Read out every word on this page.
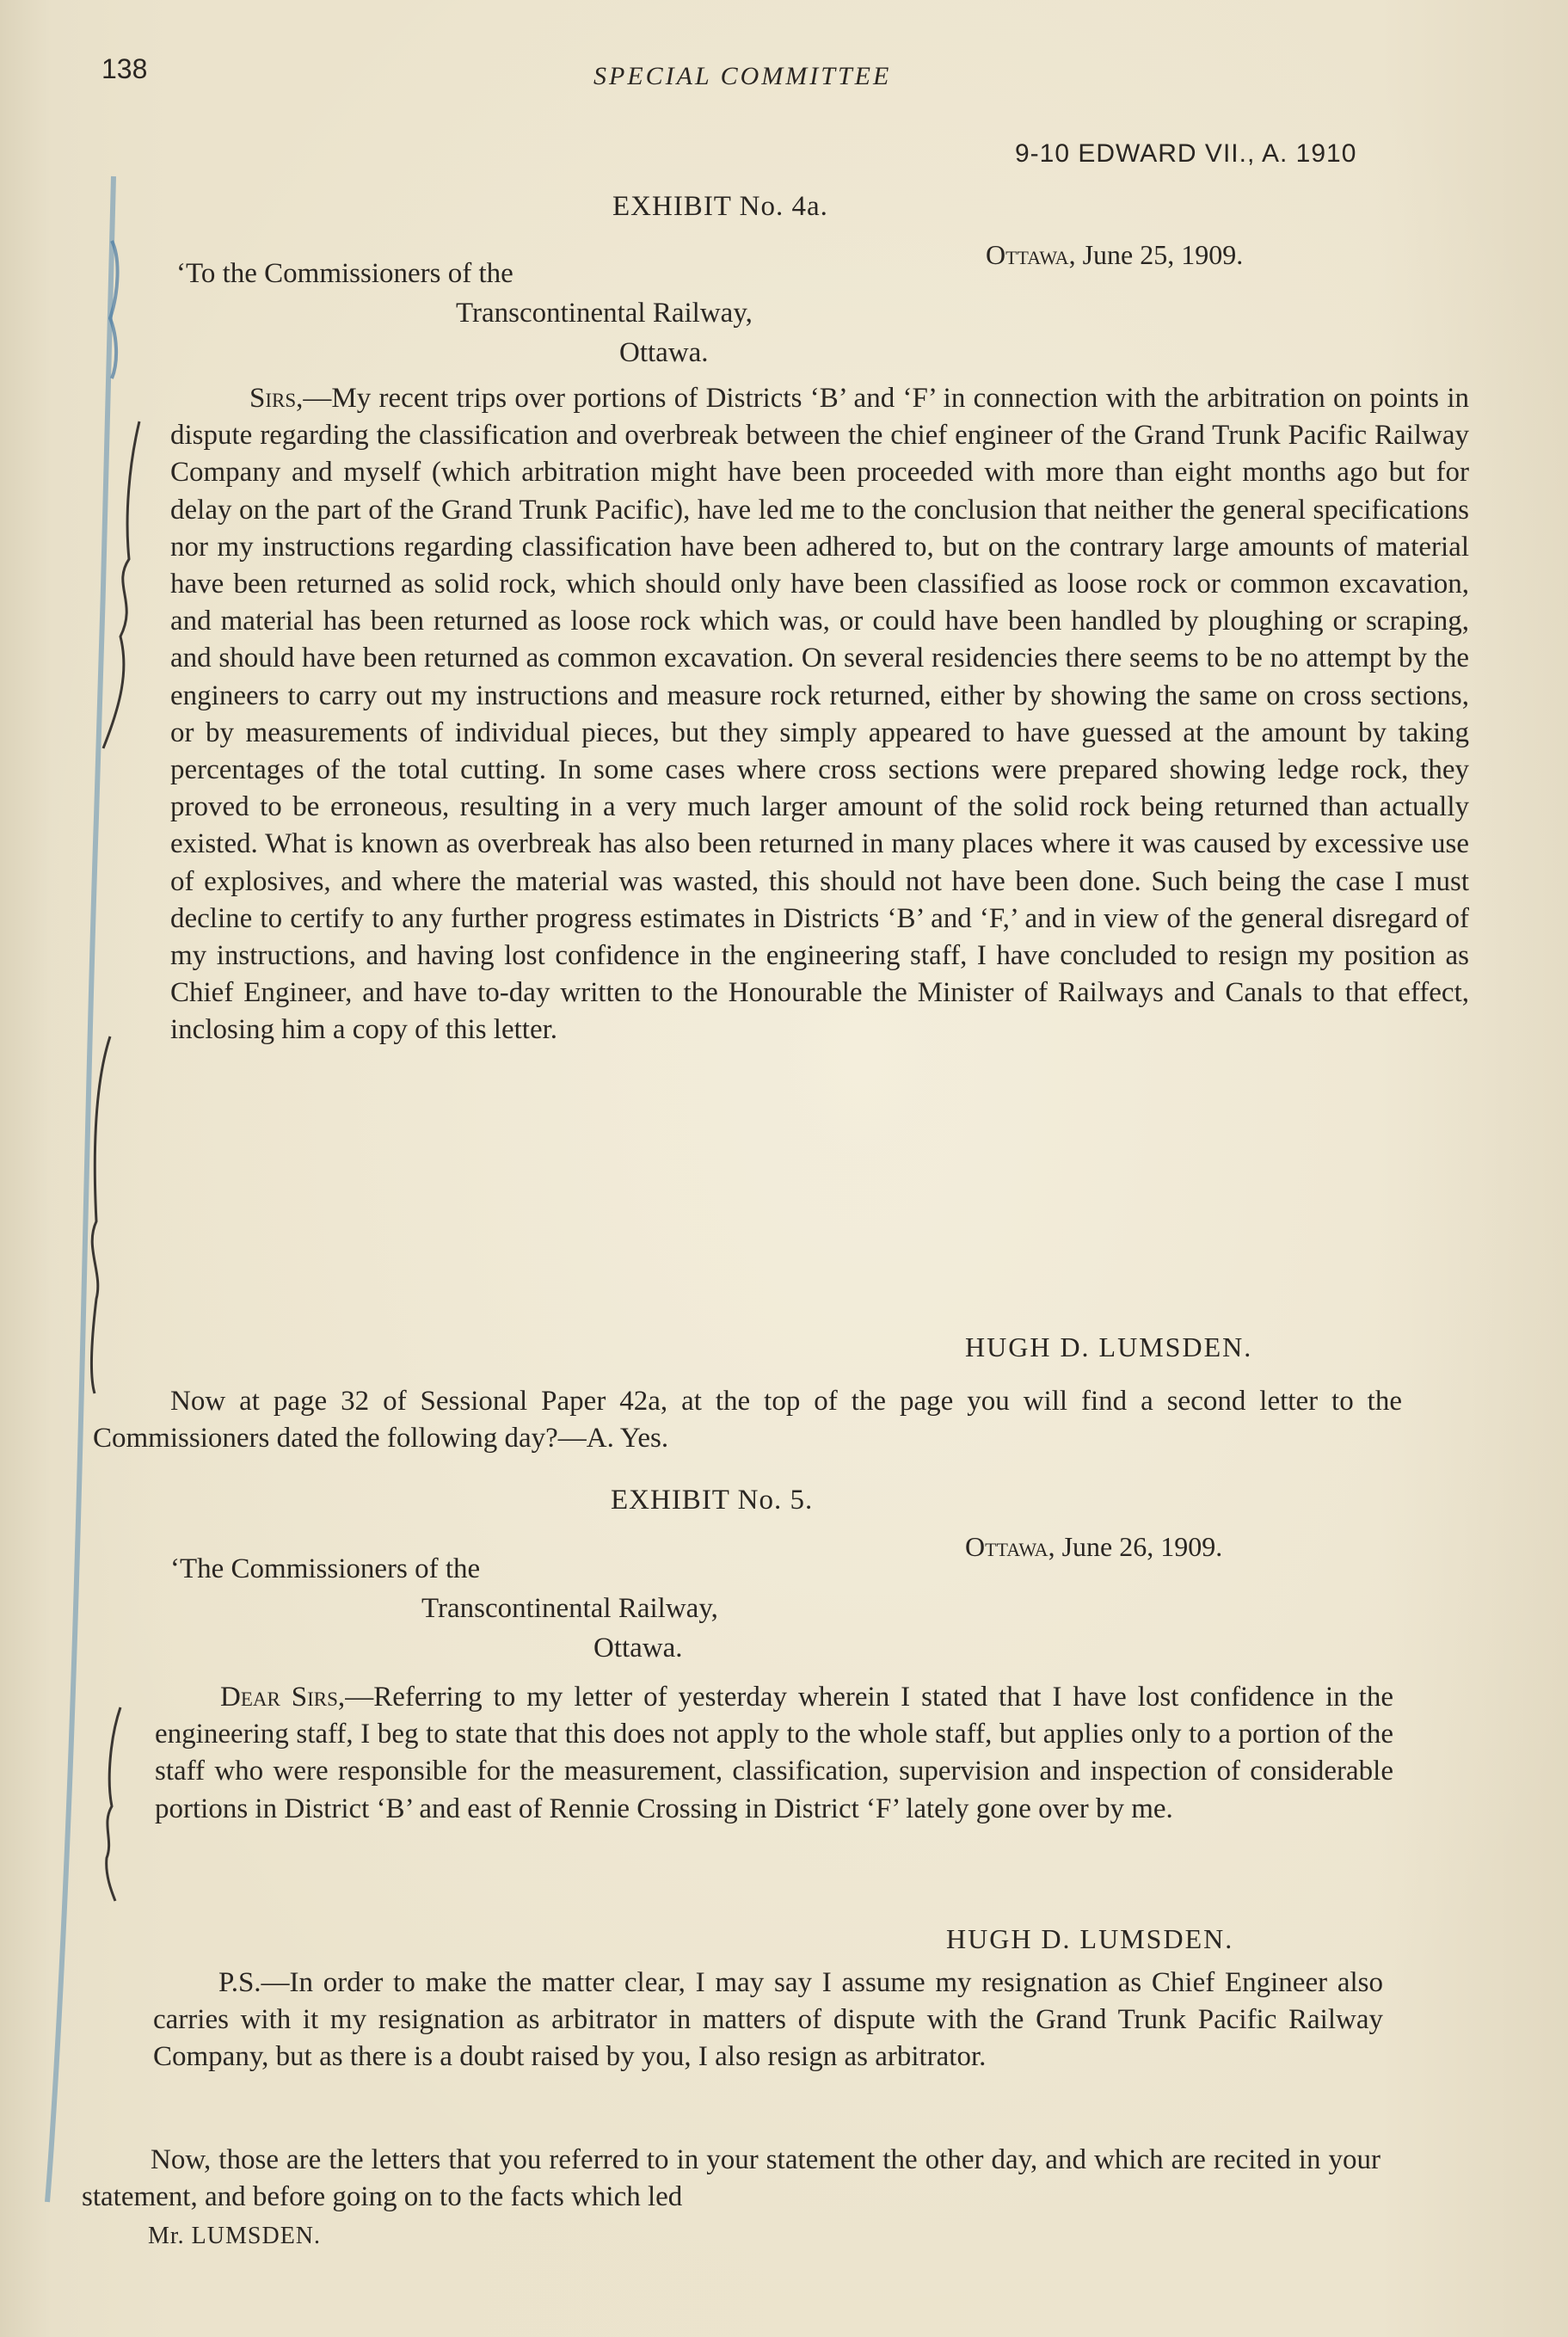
138	SPECIAL COMMITTEE
9-10 EDWARD VII., A. 1910
EXHIBIT No. 4a.
Ottawa, June 25, 1909.
‘To the Commissioners of the
Transcontinental Railway,
Ottawa.
Sirs,—My recent trips over portions of Districts ‘B’ and ‘F’ in connection with the arbitration on points in dispute regarding the classification and overbreak between the chief engineer of the Grand Trunk Pacific Railway Company and myself (which arbitration might have been proceeded with more than eight months ago but for delay on the part of the Grand Trunk Pacific), have led me to the conclusion that neither the general specifications nor my instructions regarding classification have been adhered to, but on the contrary large amounts of material have been returned as solid rock, which should only have been classified as loose rock or common excavation, and material has been returned as loose rock which was, or could have been handled by ploughing or scraping, and should have been returned as common excavation. On several residencies there seems to be no attempt by the engineers to carry out my instructions and measure rock returned, either by showing the same on cross sections, or by measurements of individual pieces, but they simply appeared to have guessed at the amount by taking percentages of the total cutting. In some cases where cross sections were prepared showing ledge rock, they proved to be erroneous, resulting in a very much larger amount of the solid rock being returned than actually existed. What is known as overbreak has also been returned in many places where it was caused by excessive use of explosives, and where the material was wasted, this should not have been done. Such being the case I must decline to certify to any further progress estimates in Districts ‘B’ and ‘F,’ and in view of the general disregard of my instructions, and having lost confidence in the engineering staff, I have concluded to resign my position as Chief Engineer, and have to-day written to the Honourable the Minister of Railways and Canals to that effect, inclosing him a copy of this letter.
HUGH D. LUMSDEN.
Now at page 32 of Sessional Paper 42a, at the top of the page you will find a second letter to the Commissioners dated the following day?—A. Yes.
EXHIBIT No. 5.
Ottawa, June 26, 1909.
‘The Commissioners of the
Transcontinental Railway,
Ottawa.
Dear Sirs,—Referring to my letter of yesterday wherein I stated that I have lost confidence in the engineering staff, I beg to state that this does not apply to the whole staff, but applies only to a portion of the staff who were responsible for the measurement, classification, supervision and inspection of considerable portions in District ‘B’ and east of Rennie Crossing in District ‘F’ lately gone over by me.
HUGH D. LUMSDEN.
P.S.—In order to make the matter clear, I may say I assume my resignation as Chief Engineer also carries with it my resignation as arbitrator in matters of dispute with the Grand Trunk Pacific Railway Company, but as there is a doubt raised by you, I also resign as arbitrator.
Now, those are the letters that you referred to in your statement the other day, and which are recited in your statement, and before going on to the facts which led
Mr. LUMSDEN.
